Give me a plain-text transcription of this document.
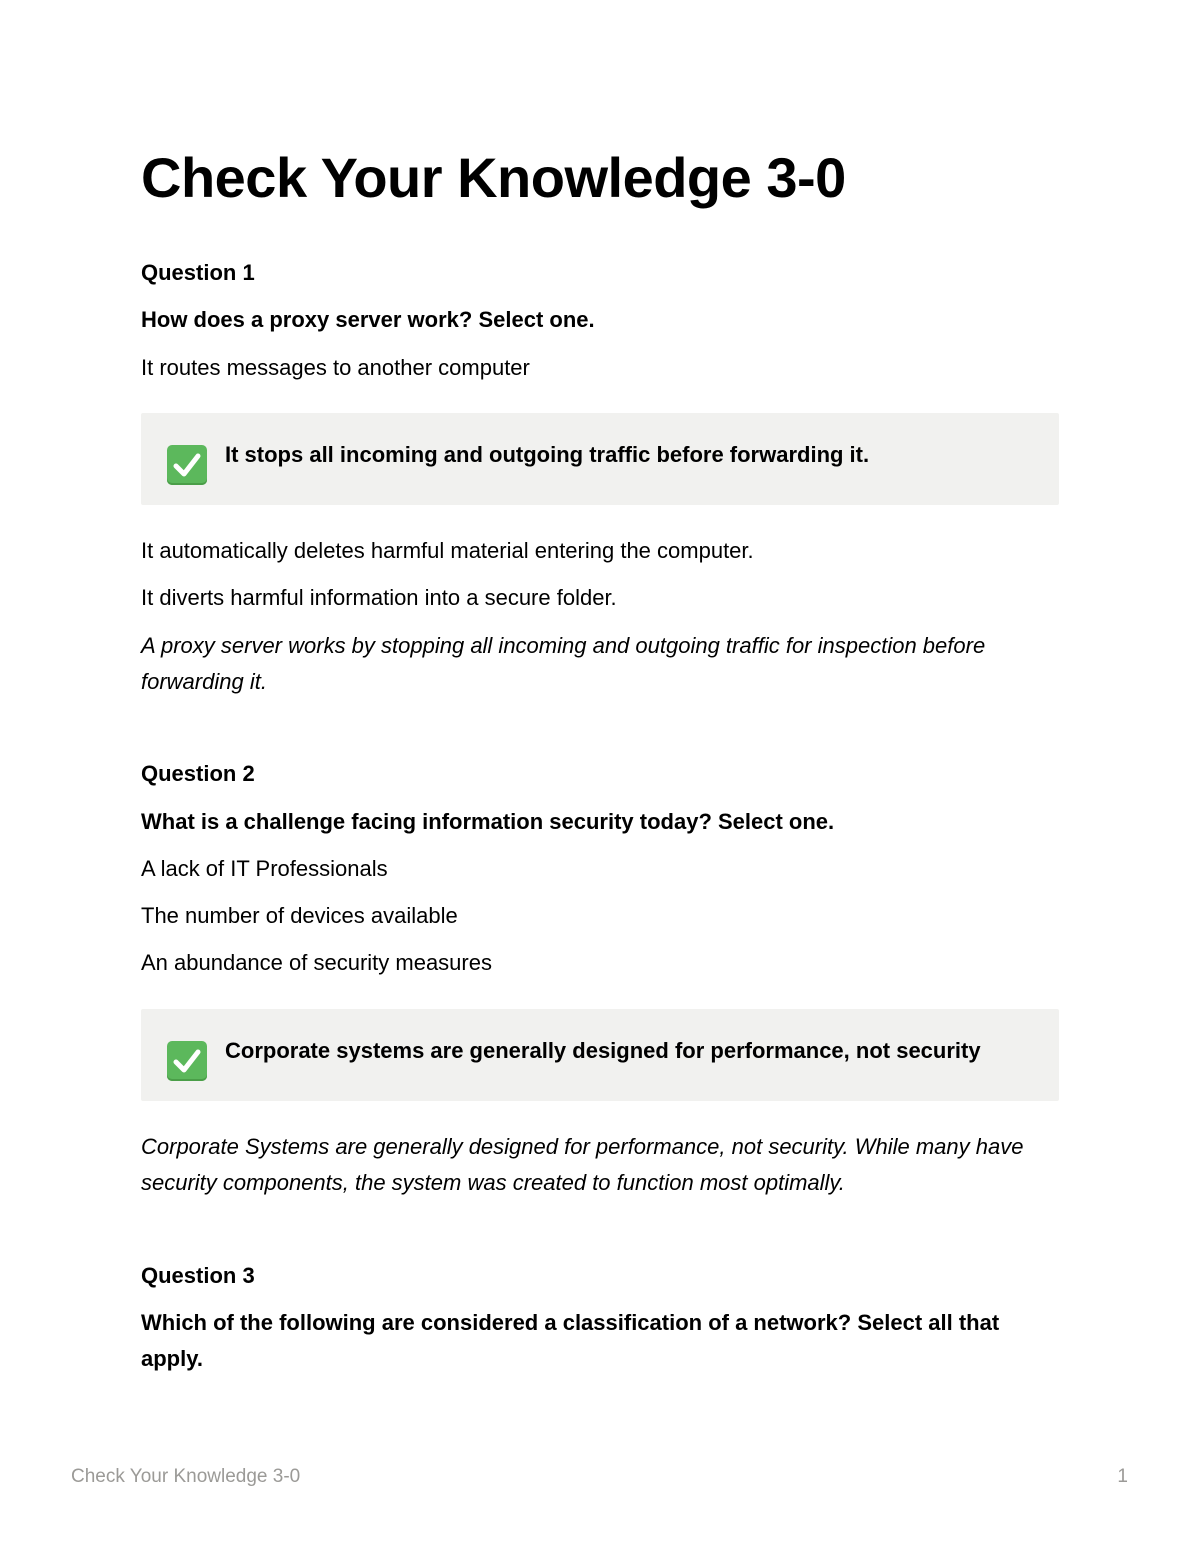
Check Your Knowledge 3-0

Question 1

How does a proxy server work? Select one.

It routes messages to another computer

It stops all incoming and outgoing traffic before forwarding it.

It automatically deletes harmful material entering the computer.

It diverts harmful information into a secure folder.

A proxy server works by stopping all incoming and outgoing traffic for inspection before forwarding it.

Question 2

What is a challenge facing information security today? Select one.

A lack of IT Professionals

The number of devices available

An abundance of security measures

Corporate systems are generally designed for performance, not security

Corporate Systems are generally designed for performance, not security. While many have security components, the system was created to function most optimally.

Question 3

Which of the following are considered a classification of a network? Select all that apply.

Check Your Knowledge 3-0	1
